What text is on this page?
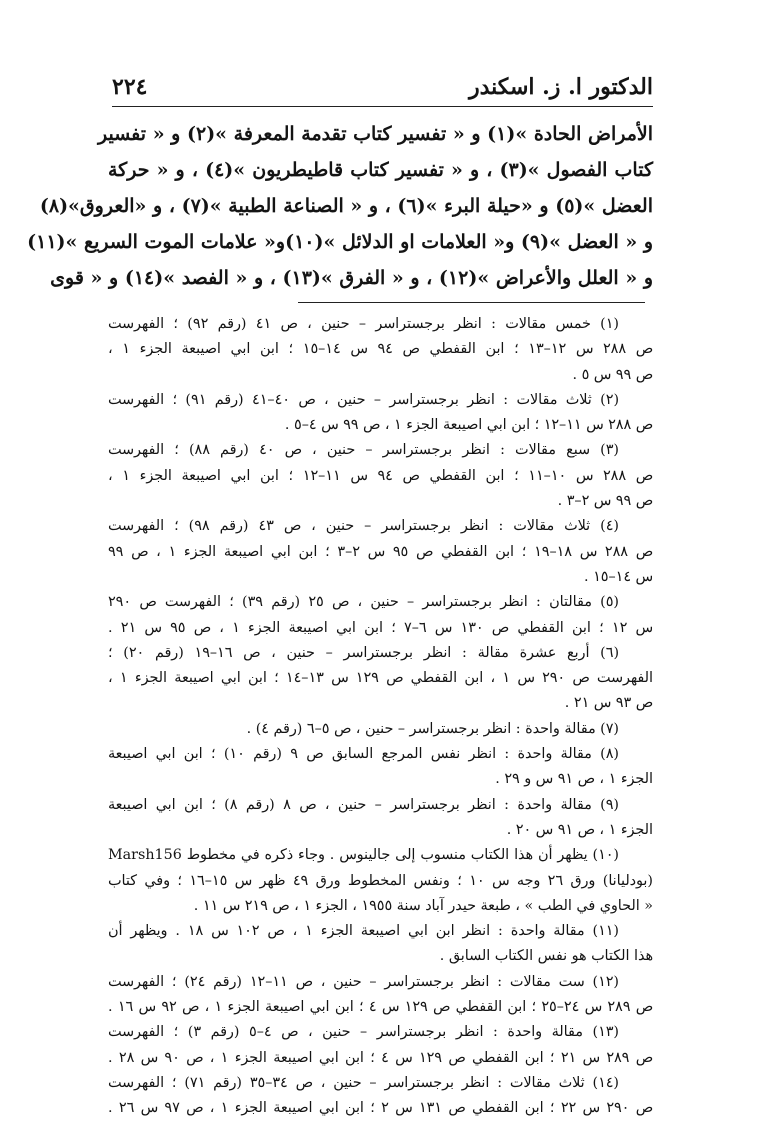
الدكتور ا. ز. اسكندر
٢٢٤
الأمراض الحادة »(١) و « تفسير كتاب تقدمة المعرفة »(٢) و « تفسير
كتاب الفصول »(٣) ، و « تفسير كتاب قاطيطريون »(٤) ، و « حركة
العضل »(٥) و «حيلة البرء »(٦) ، و « الصناعة الطبية »(٧) ، و «العروق»(٨)
و « العضل »(٩) و« العلامات او الدلائل »(١٠)و« علامات الموت السريع »(١١)
و « العلل والأعراض »(١٢) ، و « الفرق »(١٣) ، و « الفصد »(١٤) و « قوى
(١) خمس مقالات : انظر برجستراسر – حنين ، ص ٤١ (رقم ٩٢) ؛ الفهرست
ص ٢٨٨ س ١٢–١٣ ؛ ابن القفطي ص ٩٤ س ١٤–١٥ ؛ ابن ابي اصيبعة الجزء ١ ،
ص ٩٩ س ٥ .
(٢) ثلاث مقالات : انظر برجستراسر – حنين ، ص ٤٠–٤١ (رقم ٩١) ؛ الفهرست
ص ٢٨٨ س ١١–١٢ ؛ ابن ابي اصيبعة الجزء ١ ، ص ٩٩ س ٤–٥ .
(٣) سبع مقالات : انظر برجستراسر – حنين ، ص ٤٠ (رقم ٨٨) ؛ الفهرست
ص ٢٨٨ س ١٠–١١ ؛ ابن القفطي ص ٩٤ س ١١–١٢ ؛ ابن ابي اصيبعة الجزء ١ ،
ص ٩٩ س ٢–٣ .
(٤) ثلاث مقالات : انظر برجستراسر – حنين ، ص ٤٣ (رقم ٩٨) ؛ الفهرست
ص ٢٨٨ س ١٨–١٩ ؛ ابن القفطي ص ٩٥ س ٢–٣ ؛ ابن ابي اصيبعة الجزء ١ ، ص ٩٩
س ١٤–١٥ .
(٥) مقالتان : انظر برجستراسر – حنين ، ص ٢٥ (رقم ٣٩) ؛ الفهرست ص ٢٩٠
س ١٢ ؛ ابن القفطي ص ١٣٠ س ٦–٧ ؛ ابن ابي اصيبعة الجزء ١ ، ص ٩٥ س ٢١ .
(٦) أربع عشرة مقالة : انظر برجستراسر – حنين ، ص ١٦–١٩ (رقم ٢٠) ؛
الفهرست ص ٢٩٠ س ١ ، ابن القفطي ص ١٢٩ س ١٣–١٤ ؛ ابن ابي اصيبعة الجزء ١ ،
ص ٩٣ س ٢١ .
(٧) مقالة واحدة : انظر برجستراسر – حنين ، ص ٥–٦ (رقم ٤) .
(٨) مقالة واحدة : انظر نفس المرجع السابق ص ٩ (رقم ١٠) ؛ ابن ابي اصيبعة
الجزء ١ ، ص ٩١ س و ٢٩ .
(٩) مقالة واحدة : انظر برجستراسر – حنين ، ص ٨ (رقم ٨) ؛ ابن ابي اصيبعة
الجزء ١ ، ص ٩١ س ٢٠ .
(١٠) يظهر أن هذا الكتاب منسوب إلى جالينوس . وجاء ذكره في مخطوط Marsh156
(بودليانا) ورق ٢٦ وجه س ١٠ ؛ ونفس المخطوط ورق ٤٩ ظهر س ١٥–١٦ ؛ وفي كتاب
« الحاوي في الطب » ، طبعة حيدر آباد سنة ١٩٥٥ ، الجزء ١ ، ص ٢١٩ س ١١ .
(١١) مقالة واحدة : انظر ابن ابي اصيبعة الجزء ١ ، ص ١٠٢ س ١٨ . ويظهر أن
هذا الكتاب هو نفس الكتاب السابق .
(١٢) ست مقالات : انظر برجستراسر – حنين ، ص ١١–١٢ (رقم ٢٤) ؛ الفهرست
ص ٢٨٩ س ٢٤–٢٥ ؛ ابن القفطي ص ١٢٩ س ٤ ؛ ابن ابي اصيبعة الجزء ١ ، ص ٩٢ س ١٦ .
(١٣) مقالة واحدة : انظر برجستراسر – حنين ، ص ٤–٥ (رقم ٣) ؛ الفهرست
ص ٢٨٩ س ٢١ ؛ ابن القفطي ص ١٢٩ س ٤ ؛ ابن ابي اصيبعة الجزء ١ ، ص ٩٠ س ٢٨ .
(١٤) ثلاث مقالات : انظر برجستراسر – حنين ، ص ٣٤–٣٥ (رقم ٧١) ؛ الفهرست
ص ٢٩٠ س ٢٢ ؛ ابن القفطي ص ١٣١ س ٢ ؛ ابن ابي اصيبعة الجزء ١ ، ص ٩٧ س ٢٦ .
